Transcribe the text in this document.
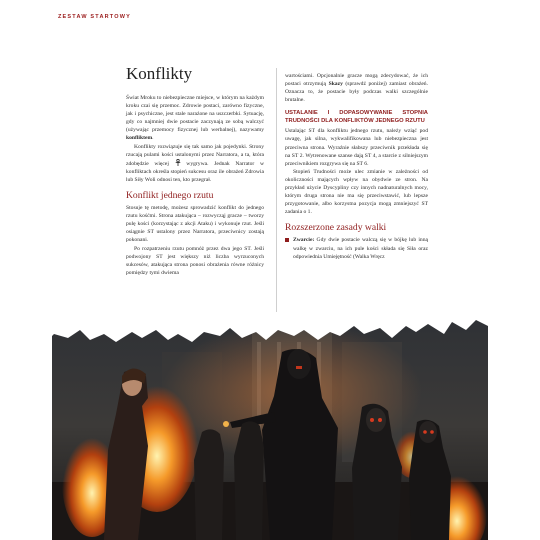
ZESTAW STARTOWY
Konflikty

Świat Mroku to niebezpieczne miejsce, w którym na każdym kroku czai się przemoc. Zdrowie postaci, zarówno fizyczne, jak i psychiczne, jest stale narażone na uszczerbki. Sytuację, gdy co najmniej dwie postacie zaczynają ze sobą walczyć (używając przemocy fizycznej lub werbalnej), nazywamy konfliktem.

Konflikty rozwiązuje się tak samo jak pojedynki. Strony rzucają pulami kości ustalonymi przez Narratora, a ta, która zdobędzie więcej	wygrywa. Jednak Narrator w konfliktach określa stopień sukcesu oraz ile obrażeń Zdrowia lub Siły Woli odnosi ten, kto przegrał.

Konflikt jednego rzutu

Stosuje tę metodę, możesz sprowadzić konflikt do jednego rzutu kośćmi. Strona atakująca – rozwycząj gracze – tworzy pulę kości (korzystając z akcji Ataku) i wykonuje rzut. Jeśli osiągnie ST ustalony przez Narratora, przeciwnicy zostają pokonani.

Po rozpatrzeniu rzutu pomnóż przez dwa jego ST. Jeśli podwojony ST jest większy niż liczba wyrzuconych sukcesów, atakująca strona ponosi obrażenia równe różnicy pomiędzy tymi dwiema

wartościami. Opcjonalnie gracze mogą zdecydować, że ich postaci otrzymują Skazy (sprawdź poniżej) zamiast obrażeń. Oznacza to, że postacie były podczas walki szczególnie brutalne.

USTALANIE I DOPASOWYWANIE STOPNIA TRUDNOŚCI DLA KONFLIKTÓW JEDNEGO RZUTU

Ustalając ST dla konfliktu jednego rzutu, należy wziąć pod uwagę, jak silna, wykwalifikowana lub niebezpieczna jest przeciwna strona. Wyraźnie słabszy przeciwnik przekłada się na ST 2. Wytrenowane szanse dają ST 4, a starcie z silniejszym przeciwnikiem rozgrywa się na ST 6.

Stopień Trudności może ulec zmianie w zależności od okoliczności mających wpływ na obydwie ze stron. Na przykład użycie Dyscypliny czy innych nadnaturalnych mocy, którym druga strona nie ma się przeciwstawić, lub lepsze przygotowanie, albo korzystna pozycja mogą zmniejszyć ST zadania o 1.

Rozszerzone zasady walki

Zwarcie: Gdy dwie postacie walczą się w bójkę lub inną walkę w zwarciu, na ich pule kości składa się Siła oraz odpowiednia Umiejętność (Walka Wręcz
